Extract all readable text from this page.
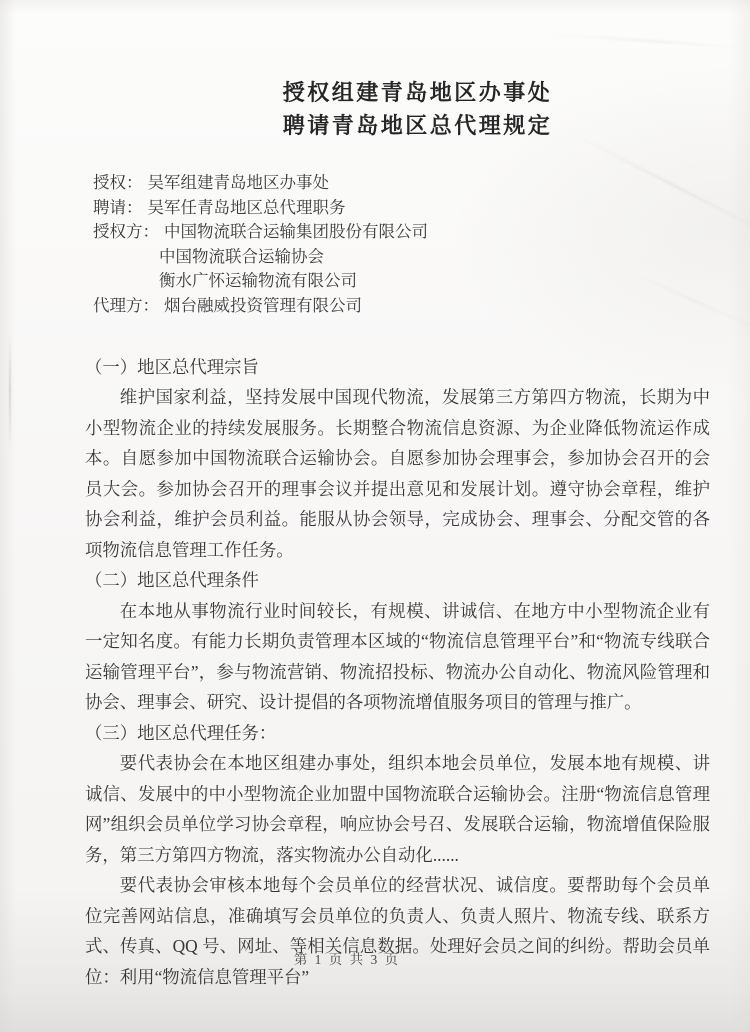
授权组建青岛地区办事处
聘请青岛地区总代理规定
授权： 吴军组建青岛地区办事处
聘请： 吴军任青岛地区总代理职务
授权方： 中国物流联合运输集团股份有限公司
中国物流联合运输协会
衡水广怀运输物流有限公司
代理方： 烟台融威投资管理有限公司
（一）地区总代理宗旨

维护国家利益，坚持发展中国现代物流，发展第三方第四方物流，长期为中小型物流企业的持续发展服务。长期整合物流信息资源、为企业降低物流运作成本。自愿参加中国物流联合运输协会。自愿参加协会理事会，参加协会召开的会员大会。参加协会召开的理事会议并提出意见和发展计划。遵守协会章程，维护协会利益，维护会员利益。能服从协会领导，完成协会、理事会、分配交管的各项物流信息管理工作任务。

（二）地区总代理条件

在本地从事物流行业时间较长，有规模、讲诚信、在地方中小型物流企业有一定知名度。有能力长期负责管理本区域的“物流信息管理平台”和“物流专线联合运输管理平台”，参与物流营销、物流招投标、物流办公自动化、物流风险管理和协会、理事会、研究、设计提倡的各项物流增值服务项目的管理与推广。

（三）地区总代理任务：

要代表协会在本地区组建办事处，组织本地会员单位，发展本地有规模、讲诚信、发展中的中小型物流企业加盟中国物流联合运输协会。注册“物流信息管理网”组织会员单位学习协会章程，响应协会号召、发展联合运输，物流增值保险服务，第三方第四方物流，落实物流办公自动化......

要代表协会审核本地每个会员单位的经营状况、诚信度。要帮助每个会员单位完善网站信息，准确填写会员单位的负责人、负责人照片、物流专线、联系方式、传真、QQ 号、网址、等相关信息数据。处理好会员之间的纠纷。帮助会员单位：利用“物流信息管理平台”

第 1 页 共 3 页
